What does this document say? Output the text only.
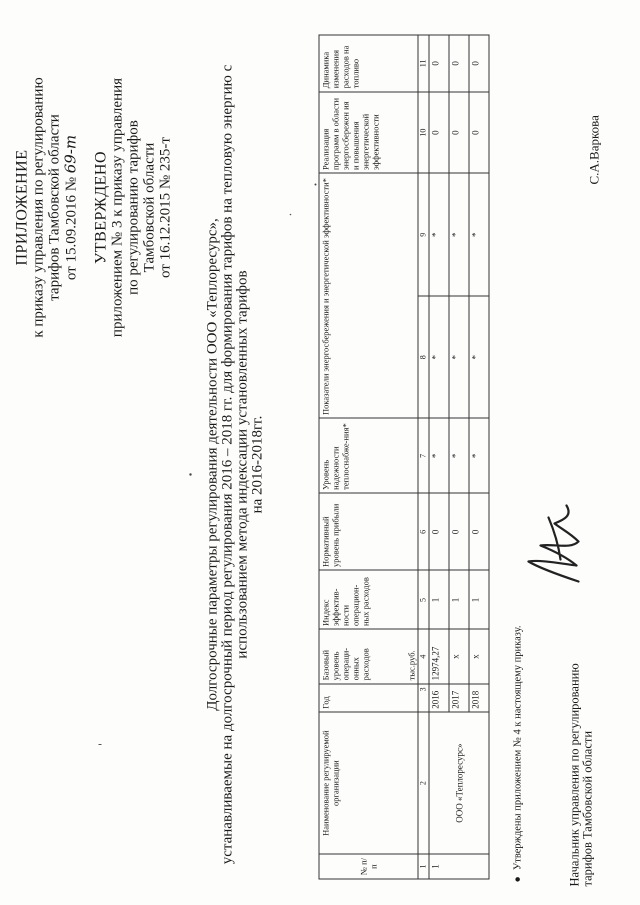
ПРИЛОЖЕНИЕ к приказу управления по регулированию тарифов Тамбовской области от 15.09.2016 № 69-т УТВЕРЖДЕНО приложением № 3 к приказу управления по регулированию тарифов Тамбовской области от 16.12.2015 № 235-т
Долгосрочные параметры регулирования деятельности ООО «Теплоресурс», устанавливаемые на долгосрочный период регулирования 2016 – 2018 гг. для формирования тарифов на тепловую энергию с использованием метода индексации установленных тарифов на 2016-2018гг.
№ п/п	Наименование регулируемой организации	Год	Базовый уровень операци-онных расходов тыс.руб.	Индекс эффектив-ности операцион-ных расходов	Нормативный уровень прибыли	Уровень надежности теплоснабже-ния*	Показатели энергосбережения и энергетической эффективности*		Реализация программ в области энергосбережен ия и повышения энергетической эффективности	Динамика изменения расходов на топливо
1	2	3	4	5	6	7	8	9	10	11
1	ООО «Теплоресурс»	2016	12974,27	1	0	*	*	*	0	0
		2017	x	1	0	*	*	*	0	0
		2018	x	1	0	*	*	*	0	0
●Утверждены приложением № 4 к настоящему приказу.	Начальник управления по регулированию тарифов Тамбовской области
С.А.Варкова
